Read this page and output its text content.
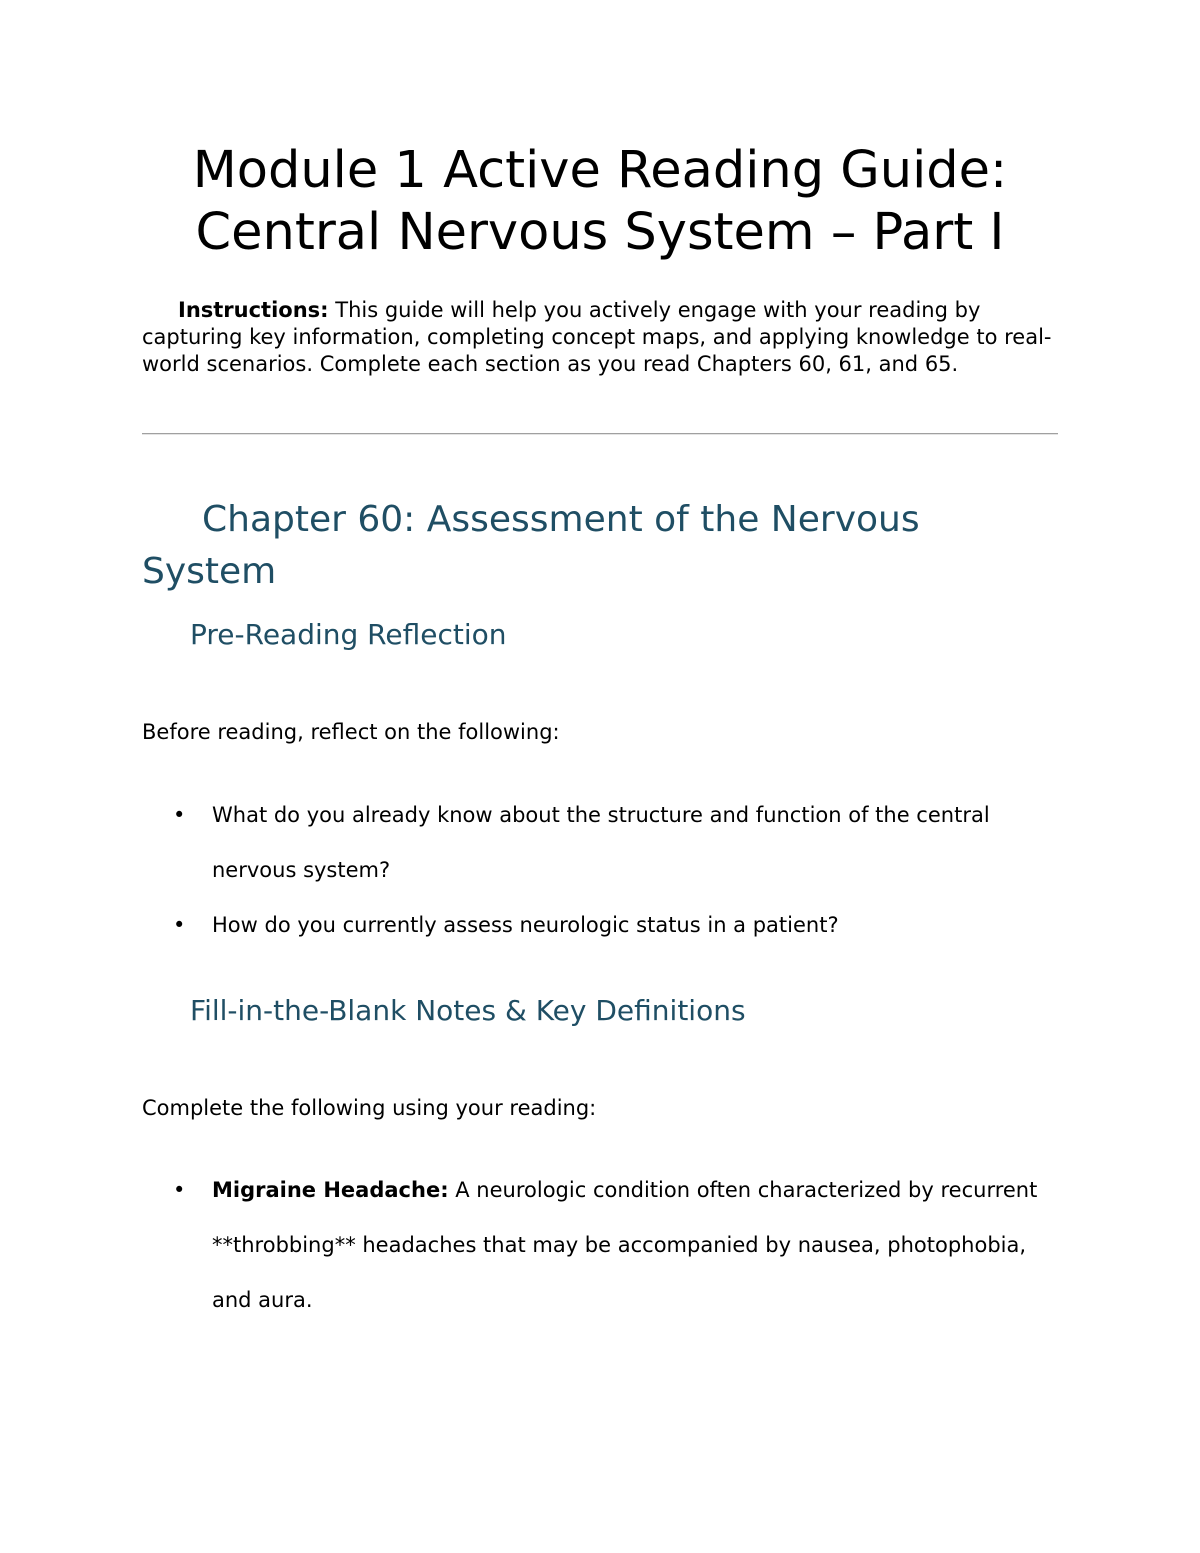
Module 1 Active Reading Guide:
Central Nervous System – Part I
Instructions: This guide will help you actively engage with your reading by capturing key information, completing concept maps, and applying knowledge to real-world scenarios. Complete each section as you read Chapters 60, 61, and 65.
Chapter 60: Assessment of the Nervous System
Pre-Reading Reflection
Before reading, reflect on the following:
• What do you already know about the structure and function of the central nervous system?
• How do you currently assess neurologic status in a patient?
Fill-in-the-Blank Notes & Key Definitions
Complete the following using your reading:
• Migraine Headache: A neurologic condition often characterized by recurrent **throbbing** headaches that may be accompanied by nausea, photophobia, and aura.
